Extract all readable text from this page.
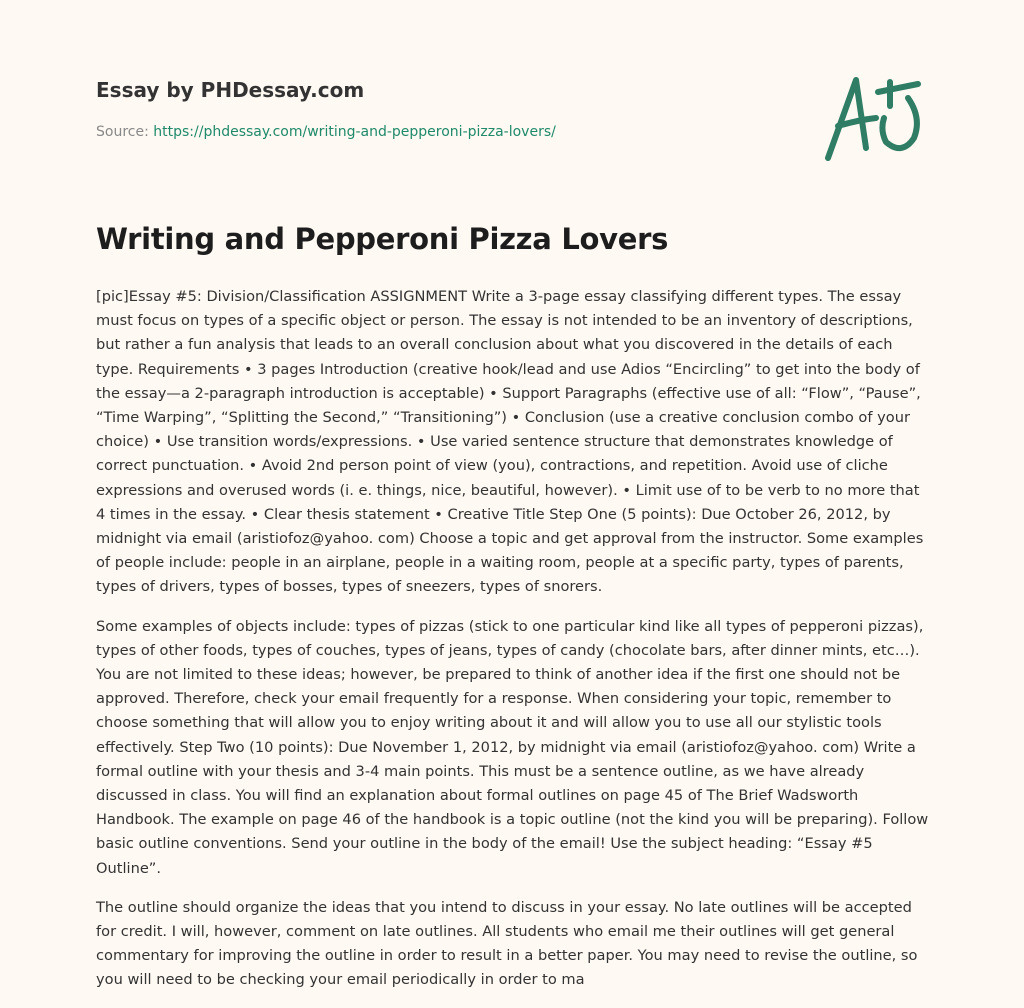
Essay by PHDessay.com
Source: https://phdessay.com/writing-and-pepperoni-pizza-lovers/
Writing and Pepperoni Pizza Lovers

[pic]Essay #5: Division/Classification ASSIGNMENT Write a 3-page essay classifying different types. The essay must focus on types of a specific object or person. The essay is not intended to be an inventory of descriptions, but rather a fun analysis that leads to an overall conclusion about what you discovered in the details of each type. Requirements • 3 pages Introduction (creative hook/lead and use Adios “Encircling” to get into the body of the essay—a 2-paragraph introduction is acceptable) • Support Paragraphs (effective use of all: “Flow”, “Pause”, “Time Warping”, “Splitting the Second,” “Transitioning”) • Conclusion (use a creative conclusion combo of your choice) • Use transition words/expressions. • Use varied sentence structure that demonstrates knowledge of correct punctuation. • Avoid 2nd person point of view (you), contractions, and repetition. Avoid use of cliche expressions and overused words (i. e. things, nice, beautiful, however). • Limit use of to be verb to no more that 4 times in the essay. • Clear thesis statement • Creative Title Step One (5 points): Due October 26, 2012, by midnight via email (aristiofoz@yahoo. com) Choose a topic and get approval from the instructor. Some examples of people include: people in an airplane, people in a waiting room, people at a specific party, types of parents, types of drivers, types of bosses, types of sneezers, types of snorers.

Some examples of objects include: types of pizzas (stick to one particular kind like all types of pepperoni pizzas), types of other foods, types of couches, types of jeans, types of candy (chocolate bars, after dinner mints, etc…). You are not limited to these ideas; however, be prepared to think of another idea if the first one should not be approved. Therefore, check your email frequently for a response. When considering your topic, remember to choose something that will allow you to enjoy writing about it and will allow you to use all our stylistic tools effectively. Step Two (10 points): Due November 1, 2012, by midnight via email (aristiofoz@yahoo. com) Write a formal outline with your thesis and 3-4 main points. This must be a sentence outline, as we have already discussed in class. You will find an explanation about formal outlines on page 45 of The Brief Wadsworth Handbook. The example on page 46 of the handbook is a topic outline (not the kind you will be preparing). Follow basic outline conventions. Send your outline in the body of the email! Use the subject heading: “Essay #5 Outline”.

The outline should organize the ideas that you intend to discuss in your essay. No late outlines will be accepted for credit. I will, however, comment on late outlines. All students who email me their outlines will get general commentary for improving the outline in order to result in a better paper. You may need to revise the outline, so you will need to be checking your email periodically in order to ma
